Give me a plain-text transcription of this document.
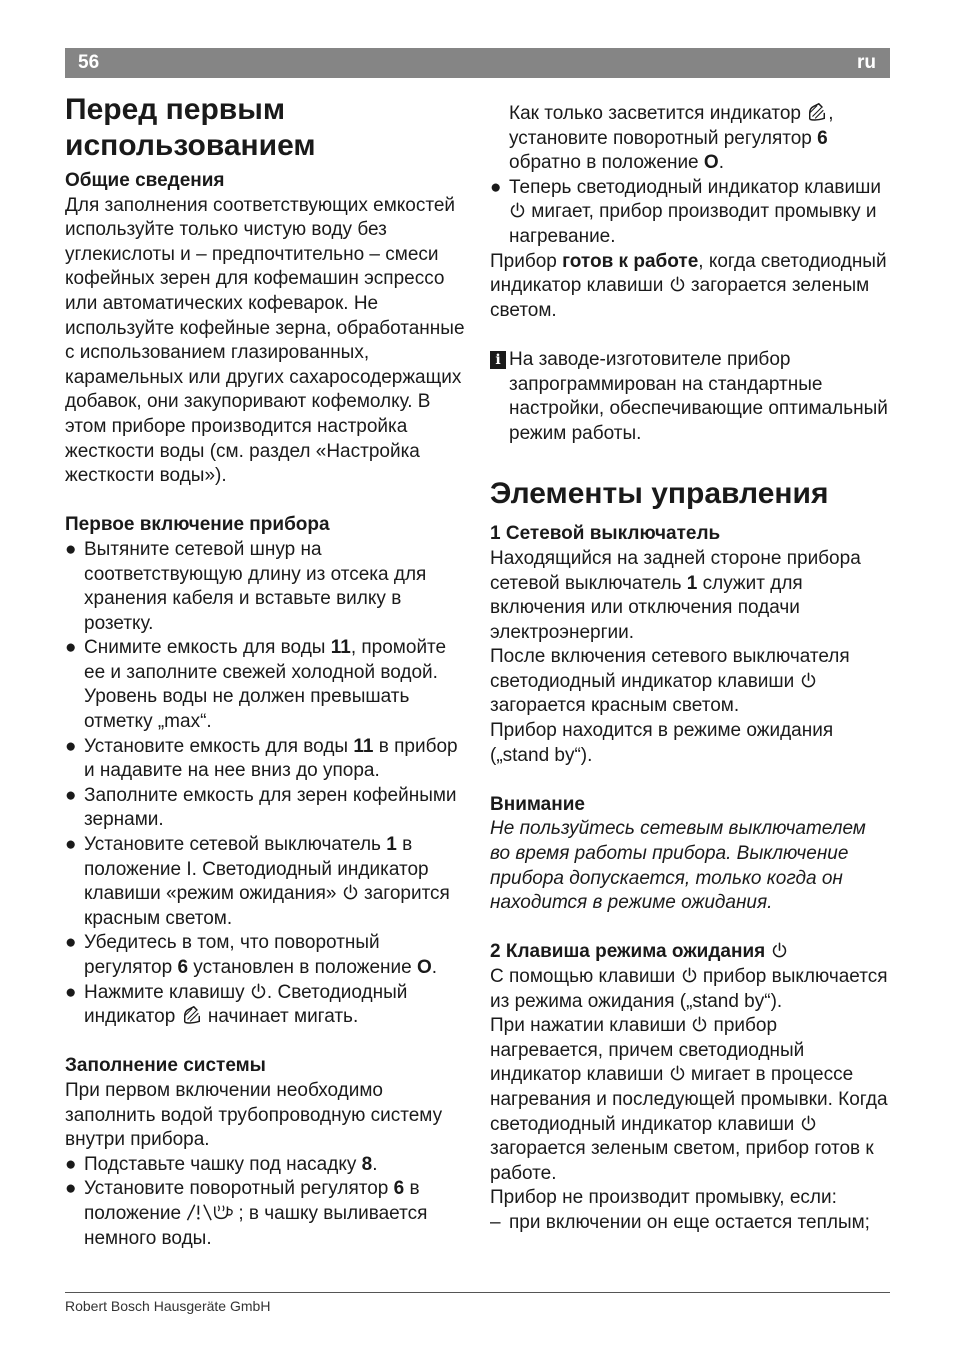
56	ru
Перед первым использованием

Общие сведения

Для заполнения соответствующих емкостей используйте только чистую воду без углекислоты и – предпочтительно – смеси кофейных зерен для кофемашин эспрессо или автоматических кофеварок. Не используйте кофейные зерна, обработанные с использованием глазированных, карамельных или других сахаросодержащих добавок, они закупоривают кофемолку. В этом приборе производится настройка жесткости воды (см. раздел «Настройка жесткости воды»).

Первое включение прибора

● Вытяните сетевой шнур на соответствующую длину из отсека для хранения кабеля и вставьте вилку в розетку.
● Снимите емкость для воды 11, промойте ее и заполните свежей холодной водой. Уровень воды не должен превышать отметку „max“.
● Установите емкость для воды 11 в прибор и надавите на нее вниз до упора.
● Заполните емкость для зерен кофейными зернами.
● Установите сетевой выключатель 1 в положение I. Светодиодный индикатор клавиши «режим ожидания»  загорится красным светом.
● Убедитесь в том, что поворотный регулятор 6 установлен в положение O.
● Нажмите клавишу . Светодиодный индикатор  начинает мигать.

Заполнение системы

При первом включении необходимо заполнить водой трубопроводную систему внутри прибора.

● Подставьте чашку под насадку 8.
● Установите поворотный регулятор 6 в положение	; в чашку выливается немного воды.

Как только засветится индикатор , установите поворотный регулятор 6 обратно в положение O.

● Теперь светодиодный индикатор клавиши  мигает, прибор производит промывку и нагревание.

Прибор готов к работе, когда светодиодный индикатор клавиши  загорается зеленым светом.

i На заводе-изготовителе прибор запрограммирован на стандартные настройки, обеспечивающие оптимальный режим работы.
Элементы управления

1 Сетевой выключатель

Находящийся на задней стороне прибора сетевой выключатель 1 служит для включения или отключения подачи электроэнергии.

После включения сетевого выключателя светодиодный индикатор клавиши  загорается красным светом.

Прибор находится в режиме ожидания („stand by“).

Внимание

Не пользуйтесь сетевым выключателем во время работы прибора. Выключение прибора допускается, только когда он находится в режиме ожидания.

2 Клавиша режима ожидания

С помощью клавиши  прибор выключается из режима ожидания („stand by“).

При нажатии клавиши  прибор нагревается, причем светодиодный индикатор клавиши  мигает в процессе нагревания и последующей промывки. Когда светодиодный индикатор клавиши  загорается зеленым светом, прибор готов к работе.

Прибор не производит промывку, если:

– при включении он еще остается теплым;
Robert Bosch Hausgeräte GmbH
